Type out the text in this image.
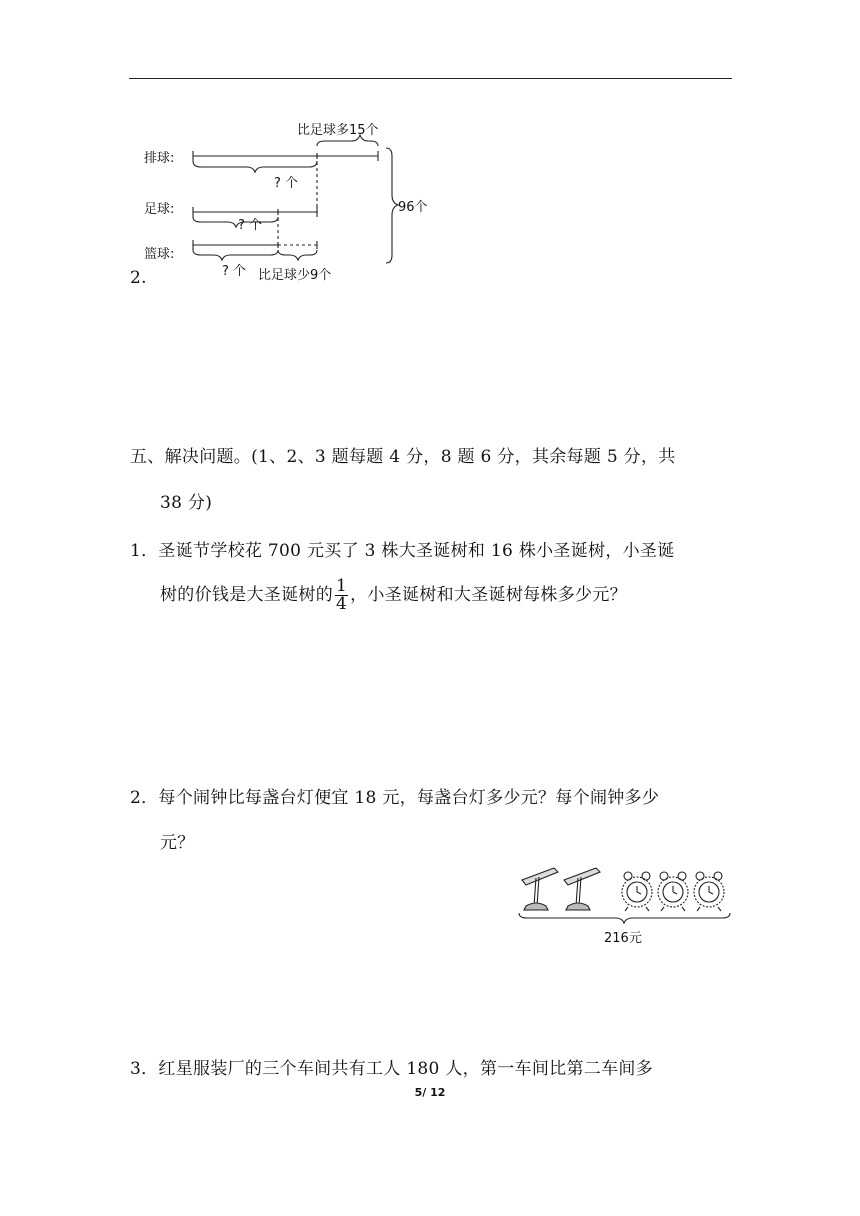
比足球多15个
排球:
? 个
足球:
? 个
篮球:
? 个 比足球少9个
96个
2.
五、解决问题。(1、2、3 题每题 4 分，8 题 6 分，其余每题 5 分，共
38 分)
1．圣诞节学校花 700 元买了 3 株大圣诞树和 16 株小圣诞树，小圣诞
树的价钱是大圣诞树的 $\frac{1}{4}$ ，小圣诞树和大圣诞树每株多少元？
2．每个闹钟比每盏台灯便宜 18 元，每盏台灯多少元？每个闹钟多少
元？
216元
3．红星服装厂的三个车间共有工人 180 人，第一车间比第二车间多
5/ 12
